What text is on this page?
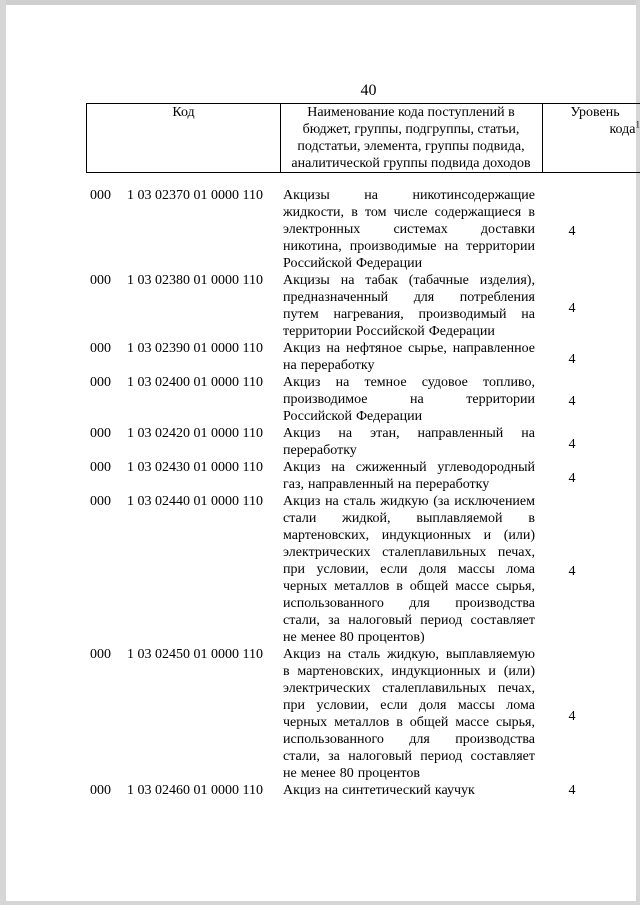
40
Код	Наименование кода поступлений в
бюджет, группы, подгруппы, статьи,
подстатьи, элемента, группы подвида,
аналитической группы подвида доходов
Уровень
кода$^1$
000	1 03 02370 01 0000 110	Акцизы на никотинсодержащие
жидкости, в том числе содержащиеся в
электронных системах доставки
никотина, производимые на территории
Российской Федерации
4
000	1 03 02380 01 0000 110	Акцизы на табак (табачные изделия),
предназначенный для потребления
путем нагревания, производимый на
территории Российской Федерации
4
000	1 03 02390 01 0000 110	Акциз на нефтяное сырье, направленное
на переработку	4
000	1 03 02400 01 0000 110	Акциз на темное судовое топливо,
производимое	на	территории
Российской Федерации
4
000	1 03 02420 01 0000 110	Акциз на этан, направленный на
переработку	4
000	1 03 02430 01 0000 110	Акциз на сжиженный углеводородный
газ, направленный на переработку	4
000	1 03 02440 01 0000 110	Акциз на сталь жидкую (за исключением
стали жидкой, выплавляемой в
мартеновских, индукционных и (или)
электрических сталеплавильных печах,
при условии, если доля массы лома
черных металлов в общей массе сырья,
использованного для производства
стали, за налоговый период составляет
не менее 80 процентов)
4
000	1 03 02450 01 0000 110	Акциз на сталь жидкую, выплавляемую
в мартеновских, индукционных и (или)
электрических сталеплавильных печах,
при условии, если доля массы лома
черных металлов в общей массе сырья,
использованного для производства
стали, за налоговый период составляет
не менее 80 процентов
4
000	1 03 02460 01 0000 110	Акциз на синтетический каучук	4
